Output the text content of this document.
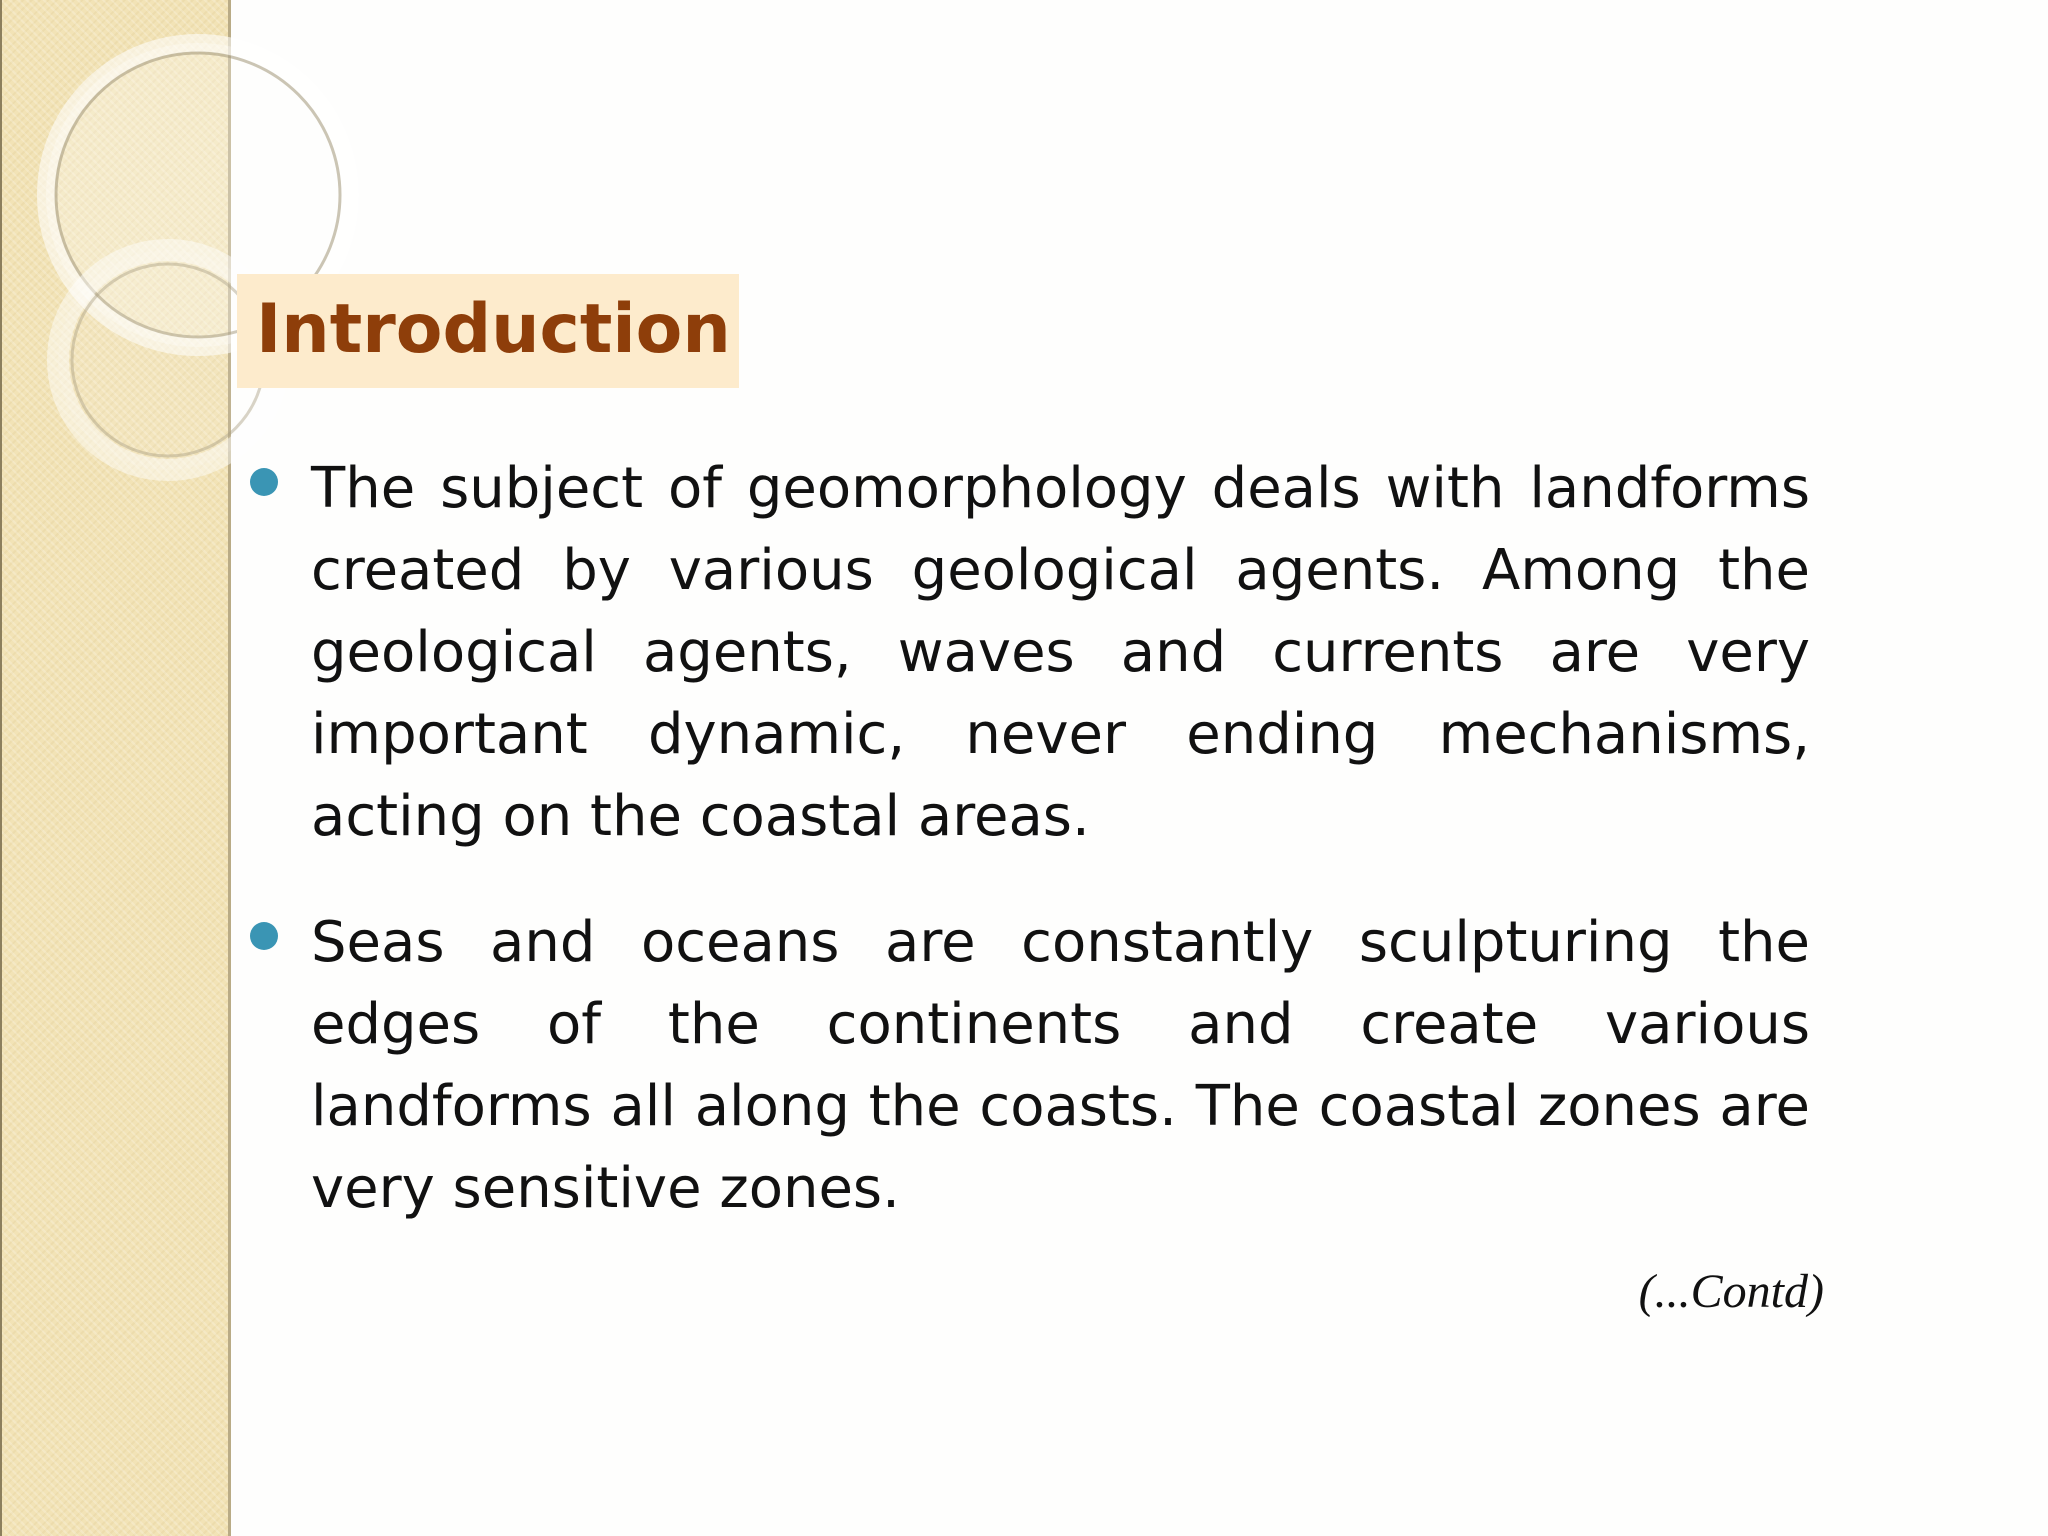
Introduction
The subject of geomorphology deals with landforms created by various geological agents. Among the geological agents, waves and currents are very important dynamic, never ending mechanisms, acting on the coastal areas.
Seas and oceans are constantly sculpturing the edges of the continents and create various landforms all along the coasts. The coastal zones are very sensitive zones.
(...Contd)
